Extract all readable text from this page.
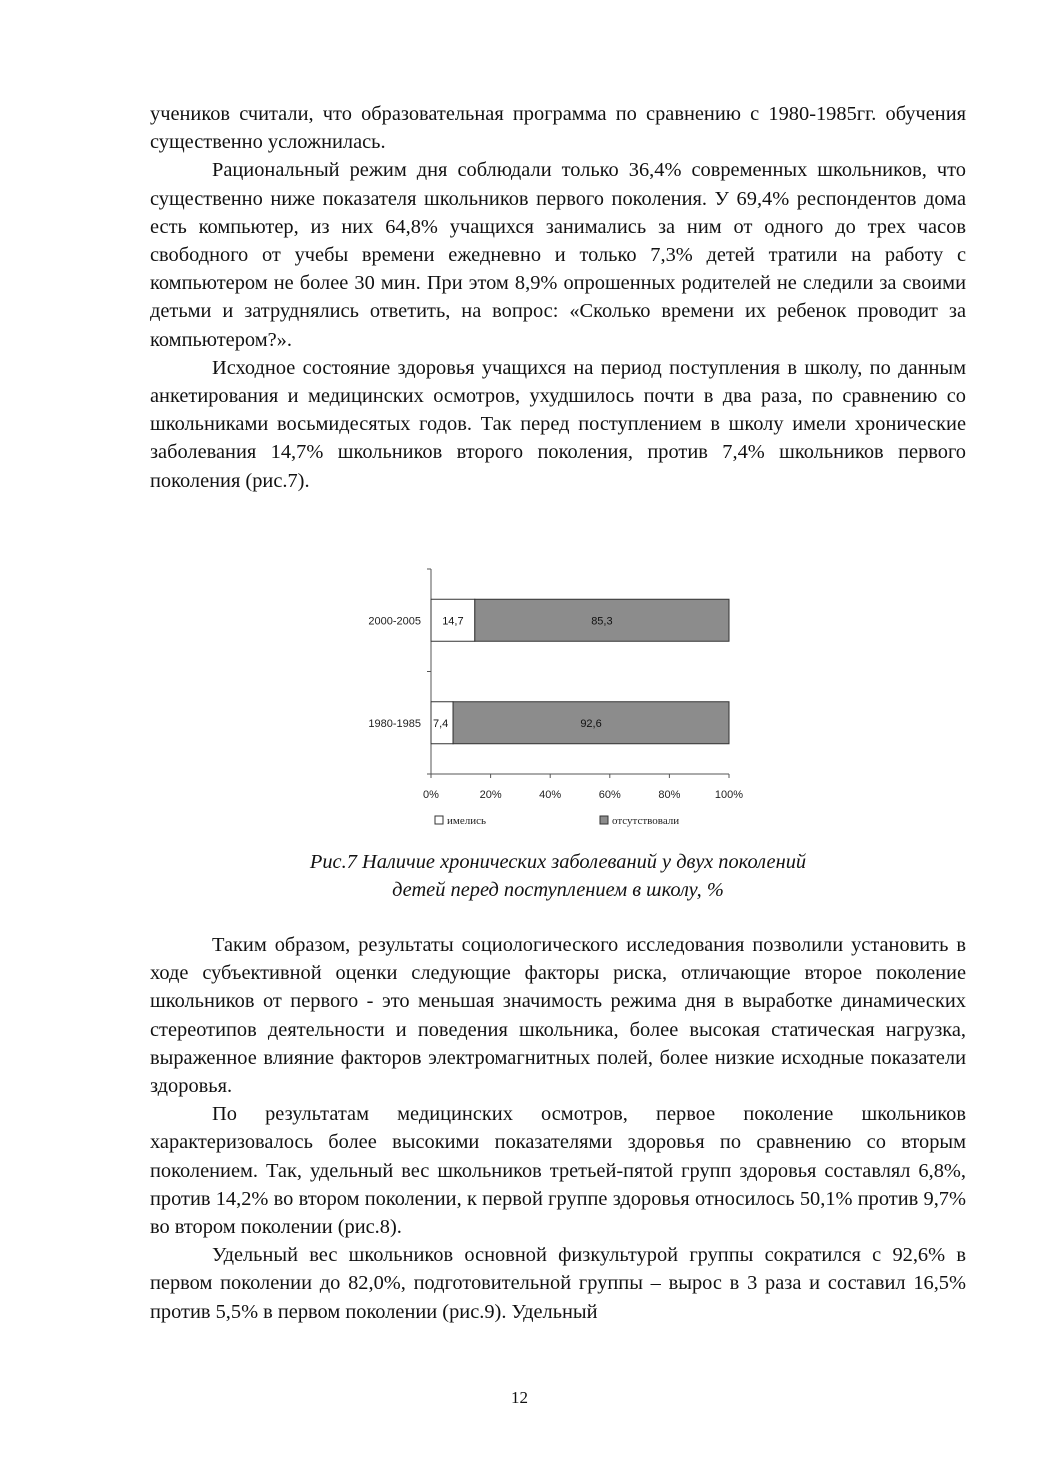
учеников считали, что образовательная программа по сравнению с 1980-1985гг. обучения существенно усложнилась.

Рациональный режим дня соблюдали только 36,4% современных школьников, что существенно ниже показателя школьников первого поколения. У 69,4% респондентов дома есть компьютер, из них 64,8% учащихся занимались за ним от одного до трех часов свободного от учебы времени ежедневно и только 7,3% детей тратили на работу с компьютером не более 30 мин. При этом 8,9% опрошенных родителей не следили за своими детьми и затруднялись ответить, на вопрос: «Сколько времени их ребенок проводит за компьютером?».

Исходное состояние здоровья учащихся на период поступления в школу, по данным анкетирования и медицинских осмотров, ухудшилось почти в два раза, по сравнению со школьниками восьмидесятых годов. Так перед поступлением в школу имели хронические заболевания 14,7% школьников второго поколения, против 7,4% школьников первого поколения (рис.7).

0%	20%	40%	60%	80%	100%
2000-2005 14,7	85,3
1980-1985 7,4	92,6
имелись	отсутствовали

Рис.7 Наличие хронических заболеваний у двух поколений
детей перед поступлением в школу, %

Таким образом, результаты социологического исследования позволили установить в ходе субъективной оценки следующие факторы риска, отличающие второе поколение школьников от первого - это меньшая значимость режима дня в выработке динамических стереотипов деятельности и поведения школьника, более высокая статическая нагрузка, выраженное влияние факторов электромагнитных полей, более низкие исходные показатели здоровья.

По результатам медицинских осмотров, первое поколение школьников характеризовалось более высокими показателями здоровья по сравнению со вторым поколением. Так, удельный вес школьников третьей-пятой групп здоровья составлял 6,8%, против 14,2% во втором поколении, к первой группе здоровья относилось 50,1% против 9,7% во втором поколении (рис.8).

Удельный вес школьников основной физкультурой группы сократился с 92,6% в первом поколении до 82,0%, подготовительной группы – вырос в 3 раза и составил 16,5% против 5,5% в первом поколении (рис.9). Удельный

12
